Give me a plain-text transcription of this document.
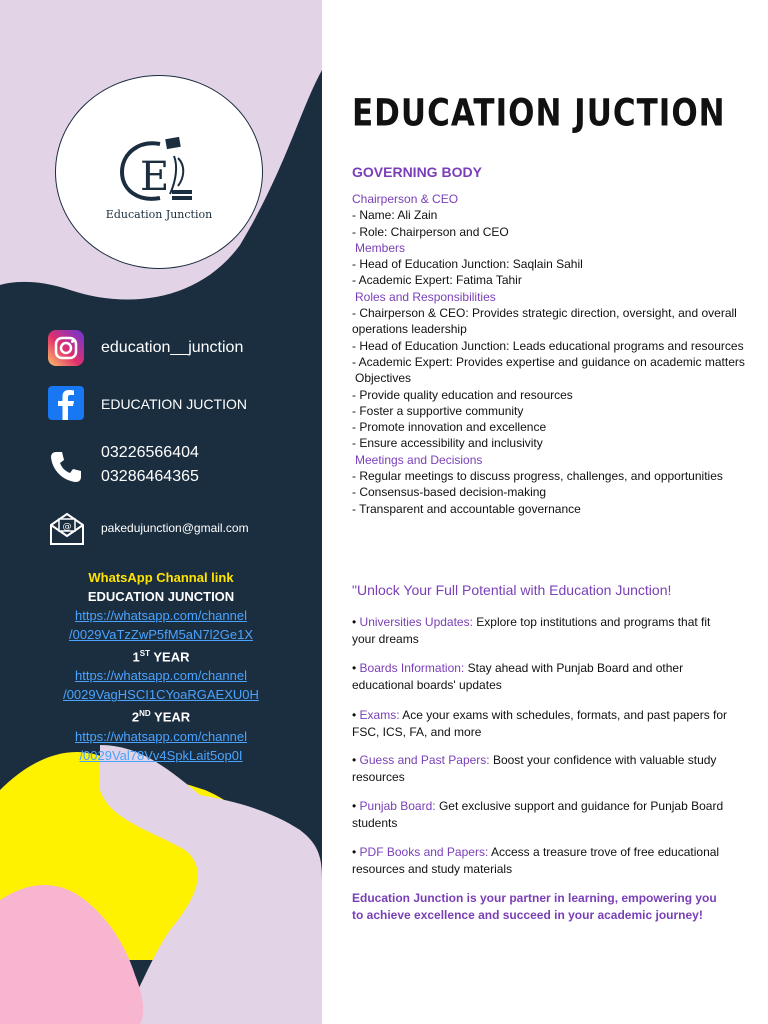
E
Education Junction
education__junction
EDUCATION JUCTION
03226566404
03286464365
@ pakedujunction@gmail.com
WhatsApp Channal link
EDUCATION JUNCTION
https://whatsapp.com/channel
/0029VaTzZwP5fM5aN7l2Ge1X
1ST YEAR
https://whatsapp.com/channel
/0029VagHSCI1CYoaRGAEXU0H
2ND YEAR
https://whatsapp.com/channel
/0029Val78Vv4SpkLait5op0I
EDUCATION JUCTION
GOVERNING BODY
Chairperson & CEO
- Name: Ali Zain
- Role: Chairperson and CEO
Members
- Head of Education Junction: Saqlain Sahil
- Academic Expert: Fatima Tahir
Roles and Responsibilities
- Chairperson & CEO: Provides strategic direction, oversight, and overall operations leadership
- Head of Education Junction: Leads educational programs and resources
- Academic Expert: Provides expertise and guidance on academic matters
Objectives
- Provide quality education and resources
- Foster a supportive community
- Promote innovation and excellence
- Ensure accessibility and inclusivity
Meetings and Decisions
- Regular meetings to discuss progress, challenges, and opportunities
- Consensus-based decision-making
- Transparent and accountable governance
"Unlock Your Full Potential with Education Junction!
• Universities Updates: Explore top institutions and programs that fit your dreams
• Boards Information: Stay ahead with Punjab Board and other educational boards' updates
• Exams: Ace your exams with schedules, formats, and past papers for FSC, ICS, FA, and more
• Guess and Past Papers: Boost your confidence with valuable study resources
• Punjab Board: Get exclusive support and guidance for Punjab Board students
• PDF Books and Papers: Access a treasure trove of free educational resources and study materials
Education Junction is your partner in learning, empowering you to achieve excellence and succeed in your academic journey!
